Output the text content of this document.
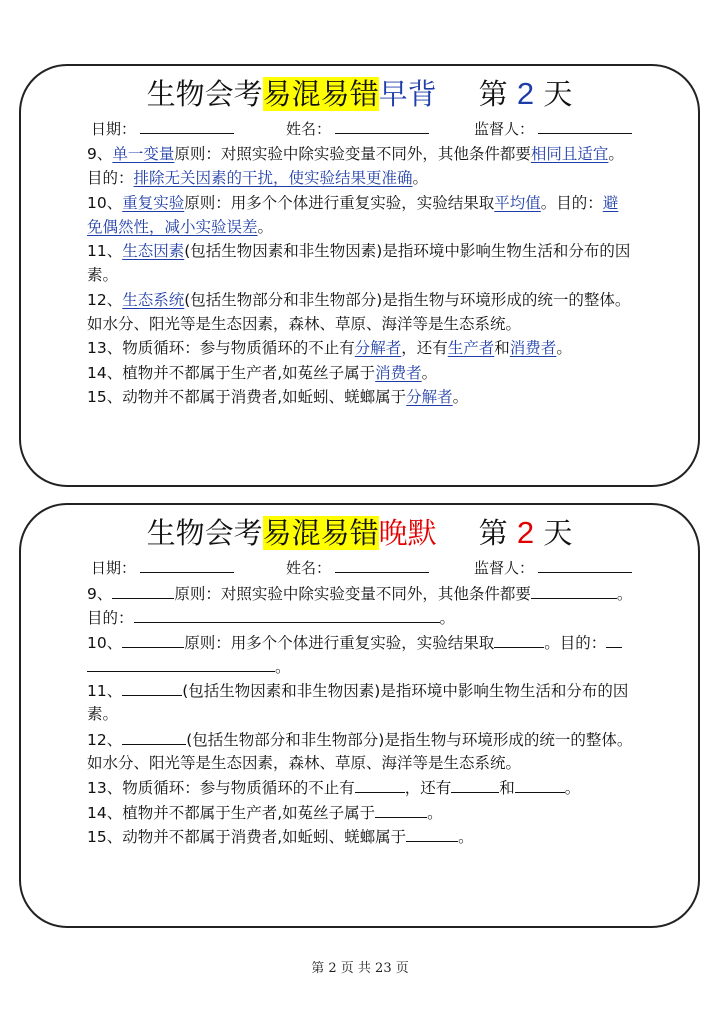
生物会考易混易错早背 第 2 天
日期：	姓名：	监督人：
9、单一变量原则：对照实验中除实验变量不同外，其他条件都要相同且适宜。
目的：排除无关因素的干扰，使实验结果更准确。
10、重复实验原则：用多个个体进行重复实验，实验结果取平均值。目的：避
免偶然性，减小实验误差。
11、生态因素(包括生物因素和非生物因素)是指环境中影响生物生活和分布的因
素。
12、生态系统(包括生物部分和非生物部分)是指生物与环境形成的统一的整体。
如水分、阳光等是生态因素，森林、草原、海洋等是生态系统。
13、物质循环：参与物质循环的不止有分解者，还有生产者和消费者。
14、植物并不都属于生产者,如菟丝子属于消费者。
15、动物并不都属于消费者,如蚯蚓、蜣螂属于分解者。
生物会考易混易错晚默 第 2 天
日期：	姓名：	监督人：
9、	原则：对照实验中除实验变量不同外，其他条件都要	。
目的：	。
10、	原则：用多个个体进行重复实验，实验结果取	。目的：
。
11、	(包括生物因素和非生物因素)是指环境中影响生物生活和分布的因
素。
12、	(包括生物部分和非生物部分)是指生物与环境形成的统一的整体。
如水分、阳光等是生态因素，森林、草原、海洋等是生态系统。
13、物质循环：参与物质循环的不止有	，还有	和	。
14、植物并不都属于生产者,如菟丝子属于	。
15、动物并不都属于消费者,如蚯蚓、蜣螂属于	。
第 2 页 共 23 页
